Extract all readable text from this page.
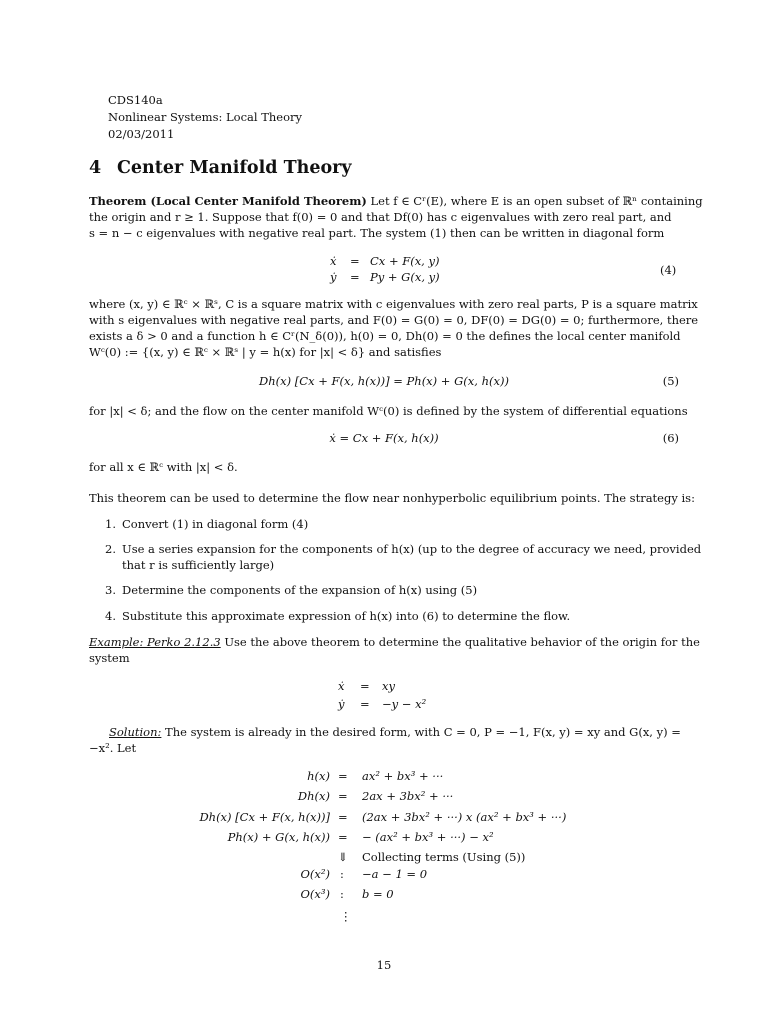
CDS140a
Nonlinear Systems: Local Theory
02/03/2011
4 Center Manifold Theory
Theorem (Local Center Manifold Theorem) Let f ∈ Cʳ(E), where E is an open subset of ℝⁿ containing
the origin and r ≥ 1. Suppose that f(0) = 0 and that Df(0) has c eigenvalues with zero real part, and
s = n − c eigenvalues with negative real part. The system (1) then can be written in diagonal form
ẋ = Cx + F(x, y)
ẏ = Py + G(x, y)	(4)
where (x, y) ∈ ℝᶜ × ℝˢ, C is a square matrix with c eigenvalues with zero real parts, P is a square matrix
with s eigenvalues with negative real parts, and F(0) = G(0) = 0, DF(0) = DG(0) = 0; furthermore, there
exists a δ > 0 and a function h ∈ Cʳ(N_δ(0)), h(0) = 0, Dh(0) = 0 the defines the local center manifold
Wᶜ(0) := {(x, y) ∈ ℝᶜ × ℝˢ | y = h(x) for |x| < δ} and satisfies
Dh(x) [Cx + F(x, h(x))] = Ph(x) + G(x, h(x))	(5)
for |x| < δ; and the flow on the center manifold Wᶜ(0) is defined by the system of differential equations
ẋ = Cx + F(x, h(x))	(6)
for all x ∈ ℝᶜ with |x| < δ.
This theorem can be used to determine the flow near nonhyperbolic equilibrium points. The strategy is:
1. Convert (1) in diagonal form (4)
2. Use a series expansion for the components of h(x) (up to the degree of accuracy we need, provided
that r is sufficiently large)
3. Determine the components of the expansion of h(x) using (5)
4. Substitute this approximate expression of h(x) into (6) to determine the flow.
Example: Perko 2.12.3 Use the above theorem to determine the qualitative behavior of the origin for the
system
ẋ = xy
ẏ = −y − x²
Solution: The system is already in the desired form, with C = 0, P = −1, F(x, y) = xy and G(x, y) =
−x². Let
h(x) = ax² + bx³ + ···
Dh(x) = 2ax + 3bx² + ···
Dh(x) [Cx + F(x, h(x))] = (2ax + 3bx² + ···) x (ax² + bx³ + ···)
Ph(x) + G(x, h(x)) = − (ax² + bx³ + ···) − x²
⇓ Collecting terms (Using (5))
O(x²) : −a − 1 = 0
O(x³) : b = 0
⋮
15
